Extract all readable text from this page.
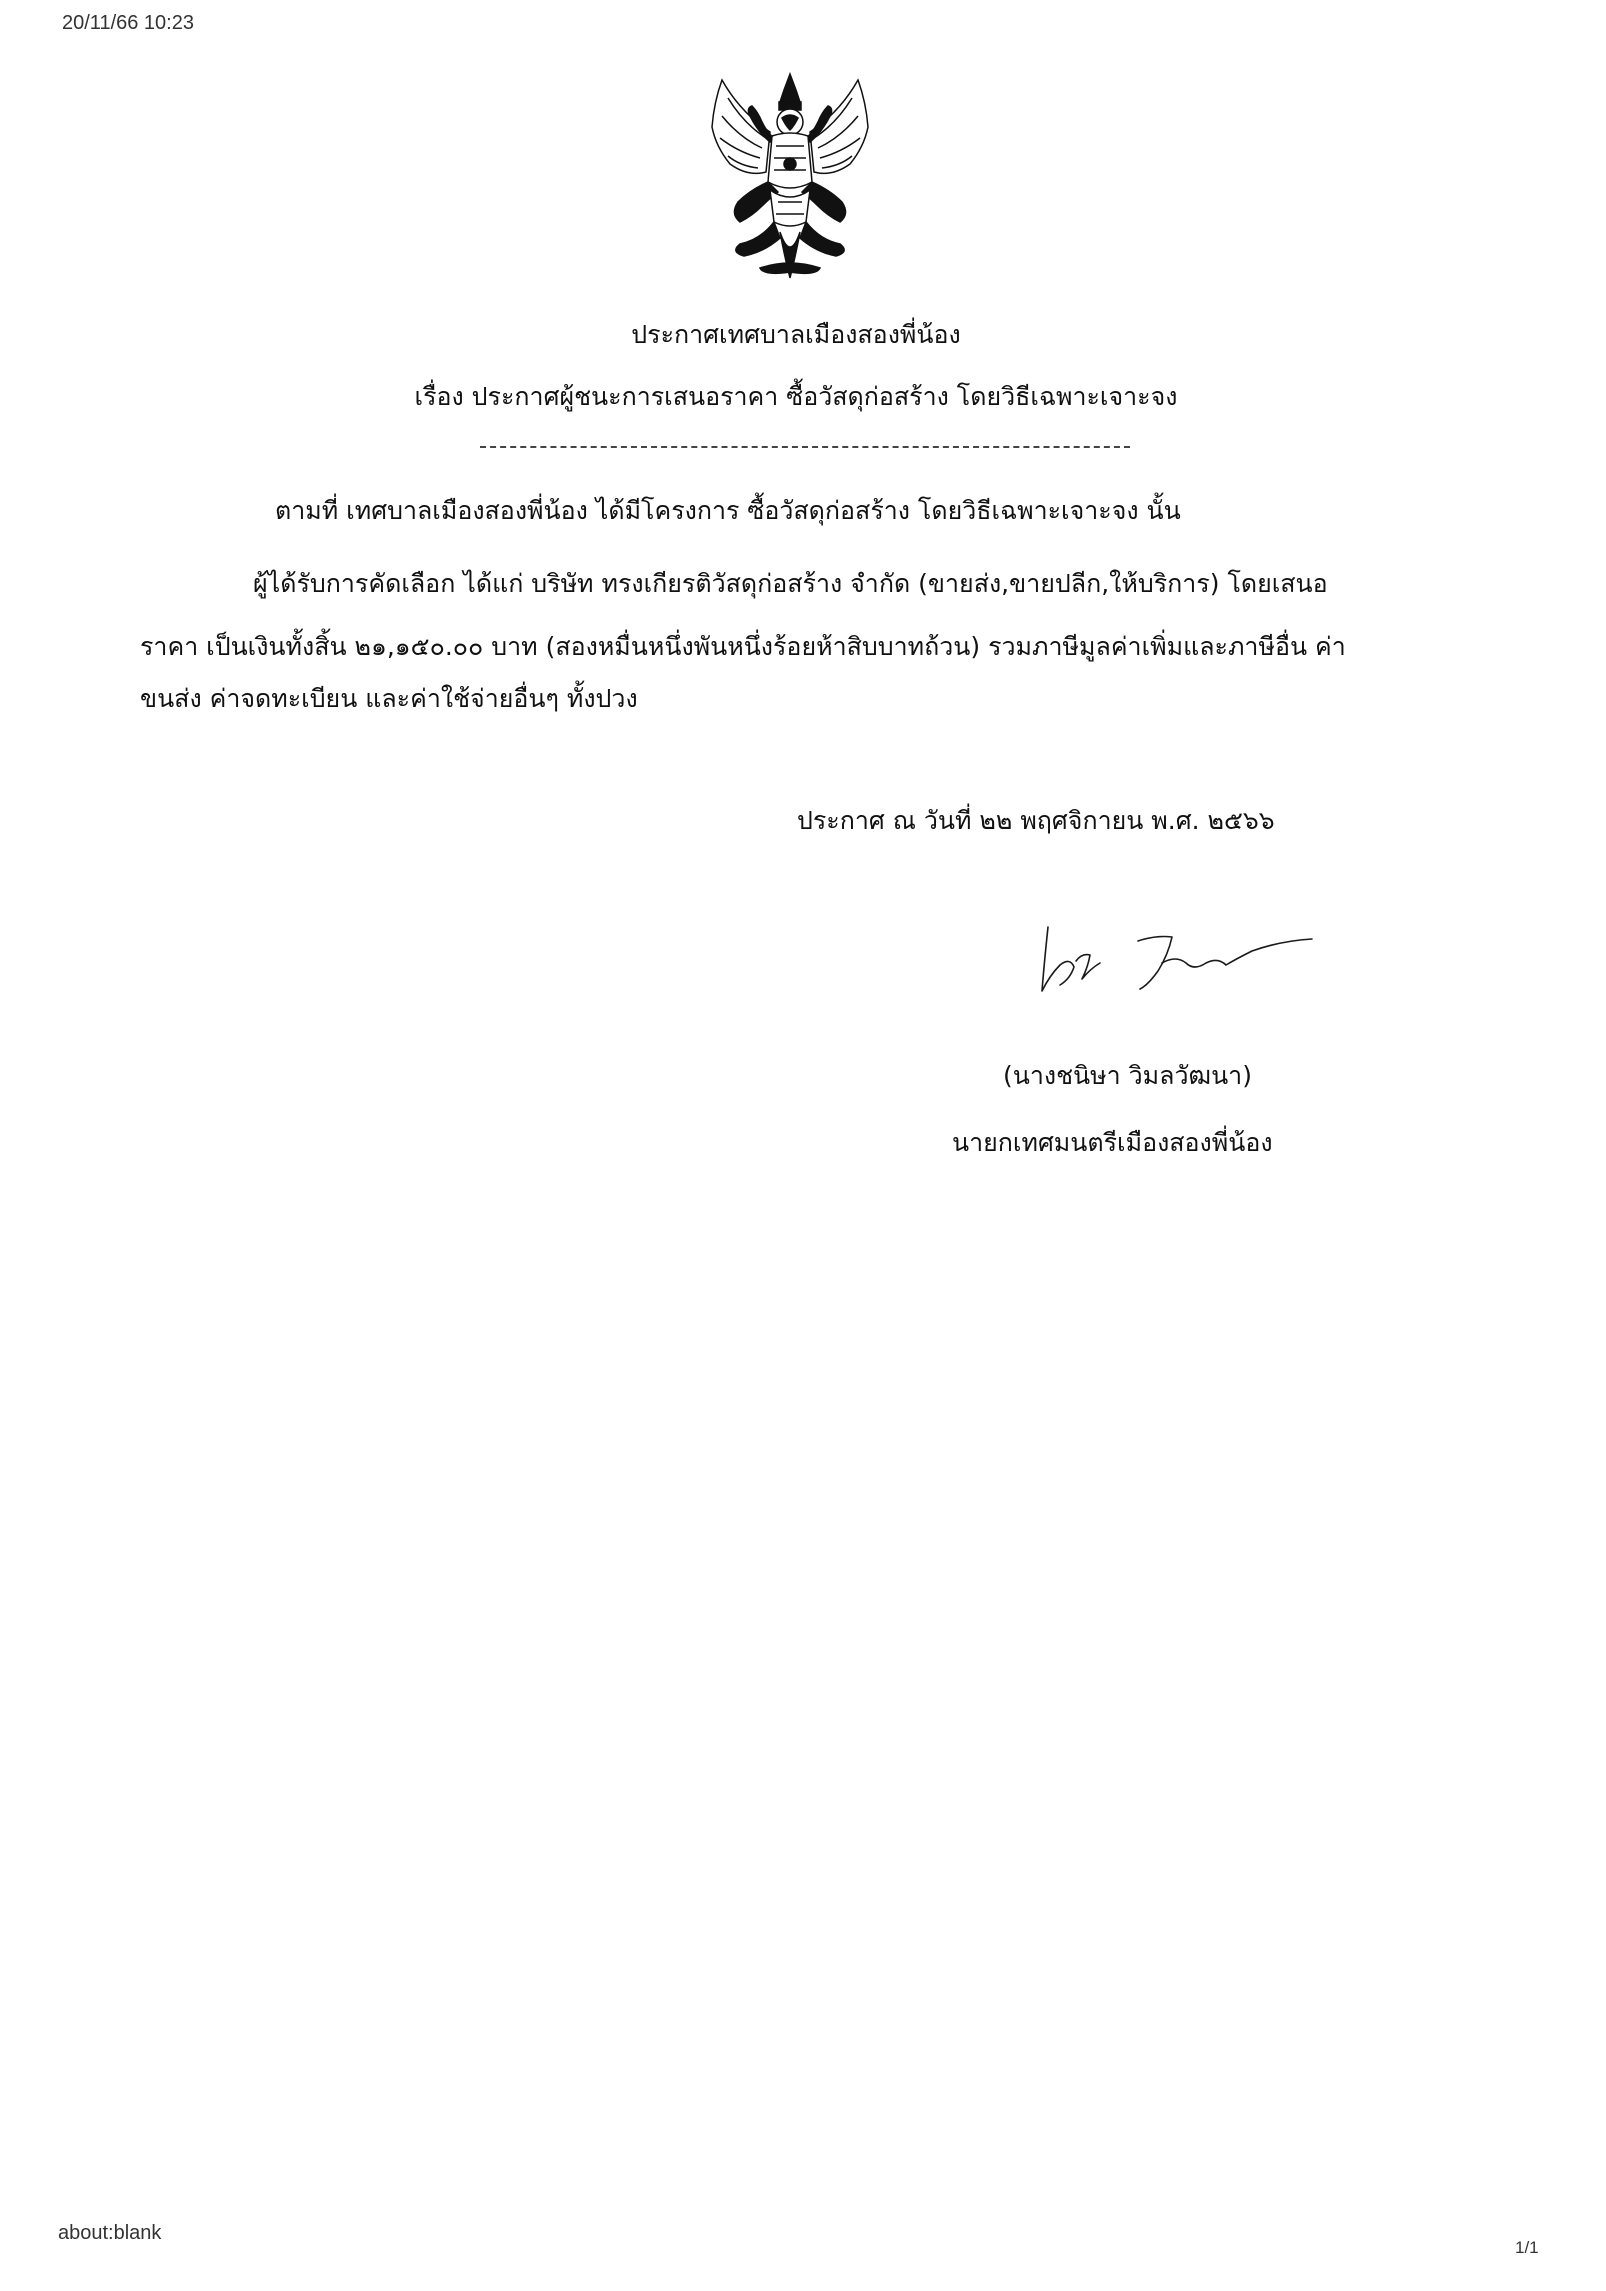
20/11/66 10:23
ประกาศเทศบาลเมืองสองพี่น้อง
เรื่อง ประกาศผู้ชนะการเสนอราคา ซื้อวัสดุก่อสร้าง โดยวิธีเฉพาะเจาะจง
ตามที่ เทศบาลเมืองสองพี่น้อง ได้มีโครงการ ซื้อวัสดุก่อสร้าง โดยวิธีเฉพาะเจาะจง นั้น
ผู้ได้รับการคัดเลือก ได้แก่ บริษัท ทรงเกียรติวัสดุก่อสร้าง จำกัด (ขายส่ง,ขายปลีก,ให้บริการ) โดยเสนอ
ราคา เป็นเงินทั้งสิ้น ๒๑,๑๕๐.๐๐ บาท (สองหมื่นหนึ่งพันหนึ่งร้อยห้าสิบบาทถ้วน) รวมภาษีมูลค่าเพิ่มและภาษีอื่น ค่า
ขนส่ง ค่าจดทะเบียน และค่าใช้จ่ายอื่นๆ ทั้งปวง
ประกาศ ณ วันที่ ๒๒ พฤศจิกายน พ.ศ. ๒๕๖๖
(นางชนิษา วิมลวัฒนา)
นายกเทศมนตรีเมืองสองพี่น้อง
about:blank
1/1
